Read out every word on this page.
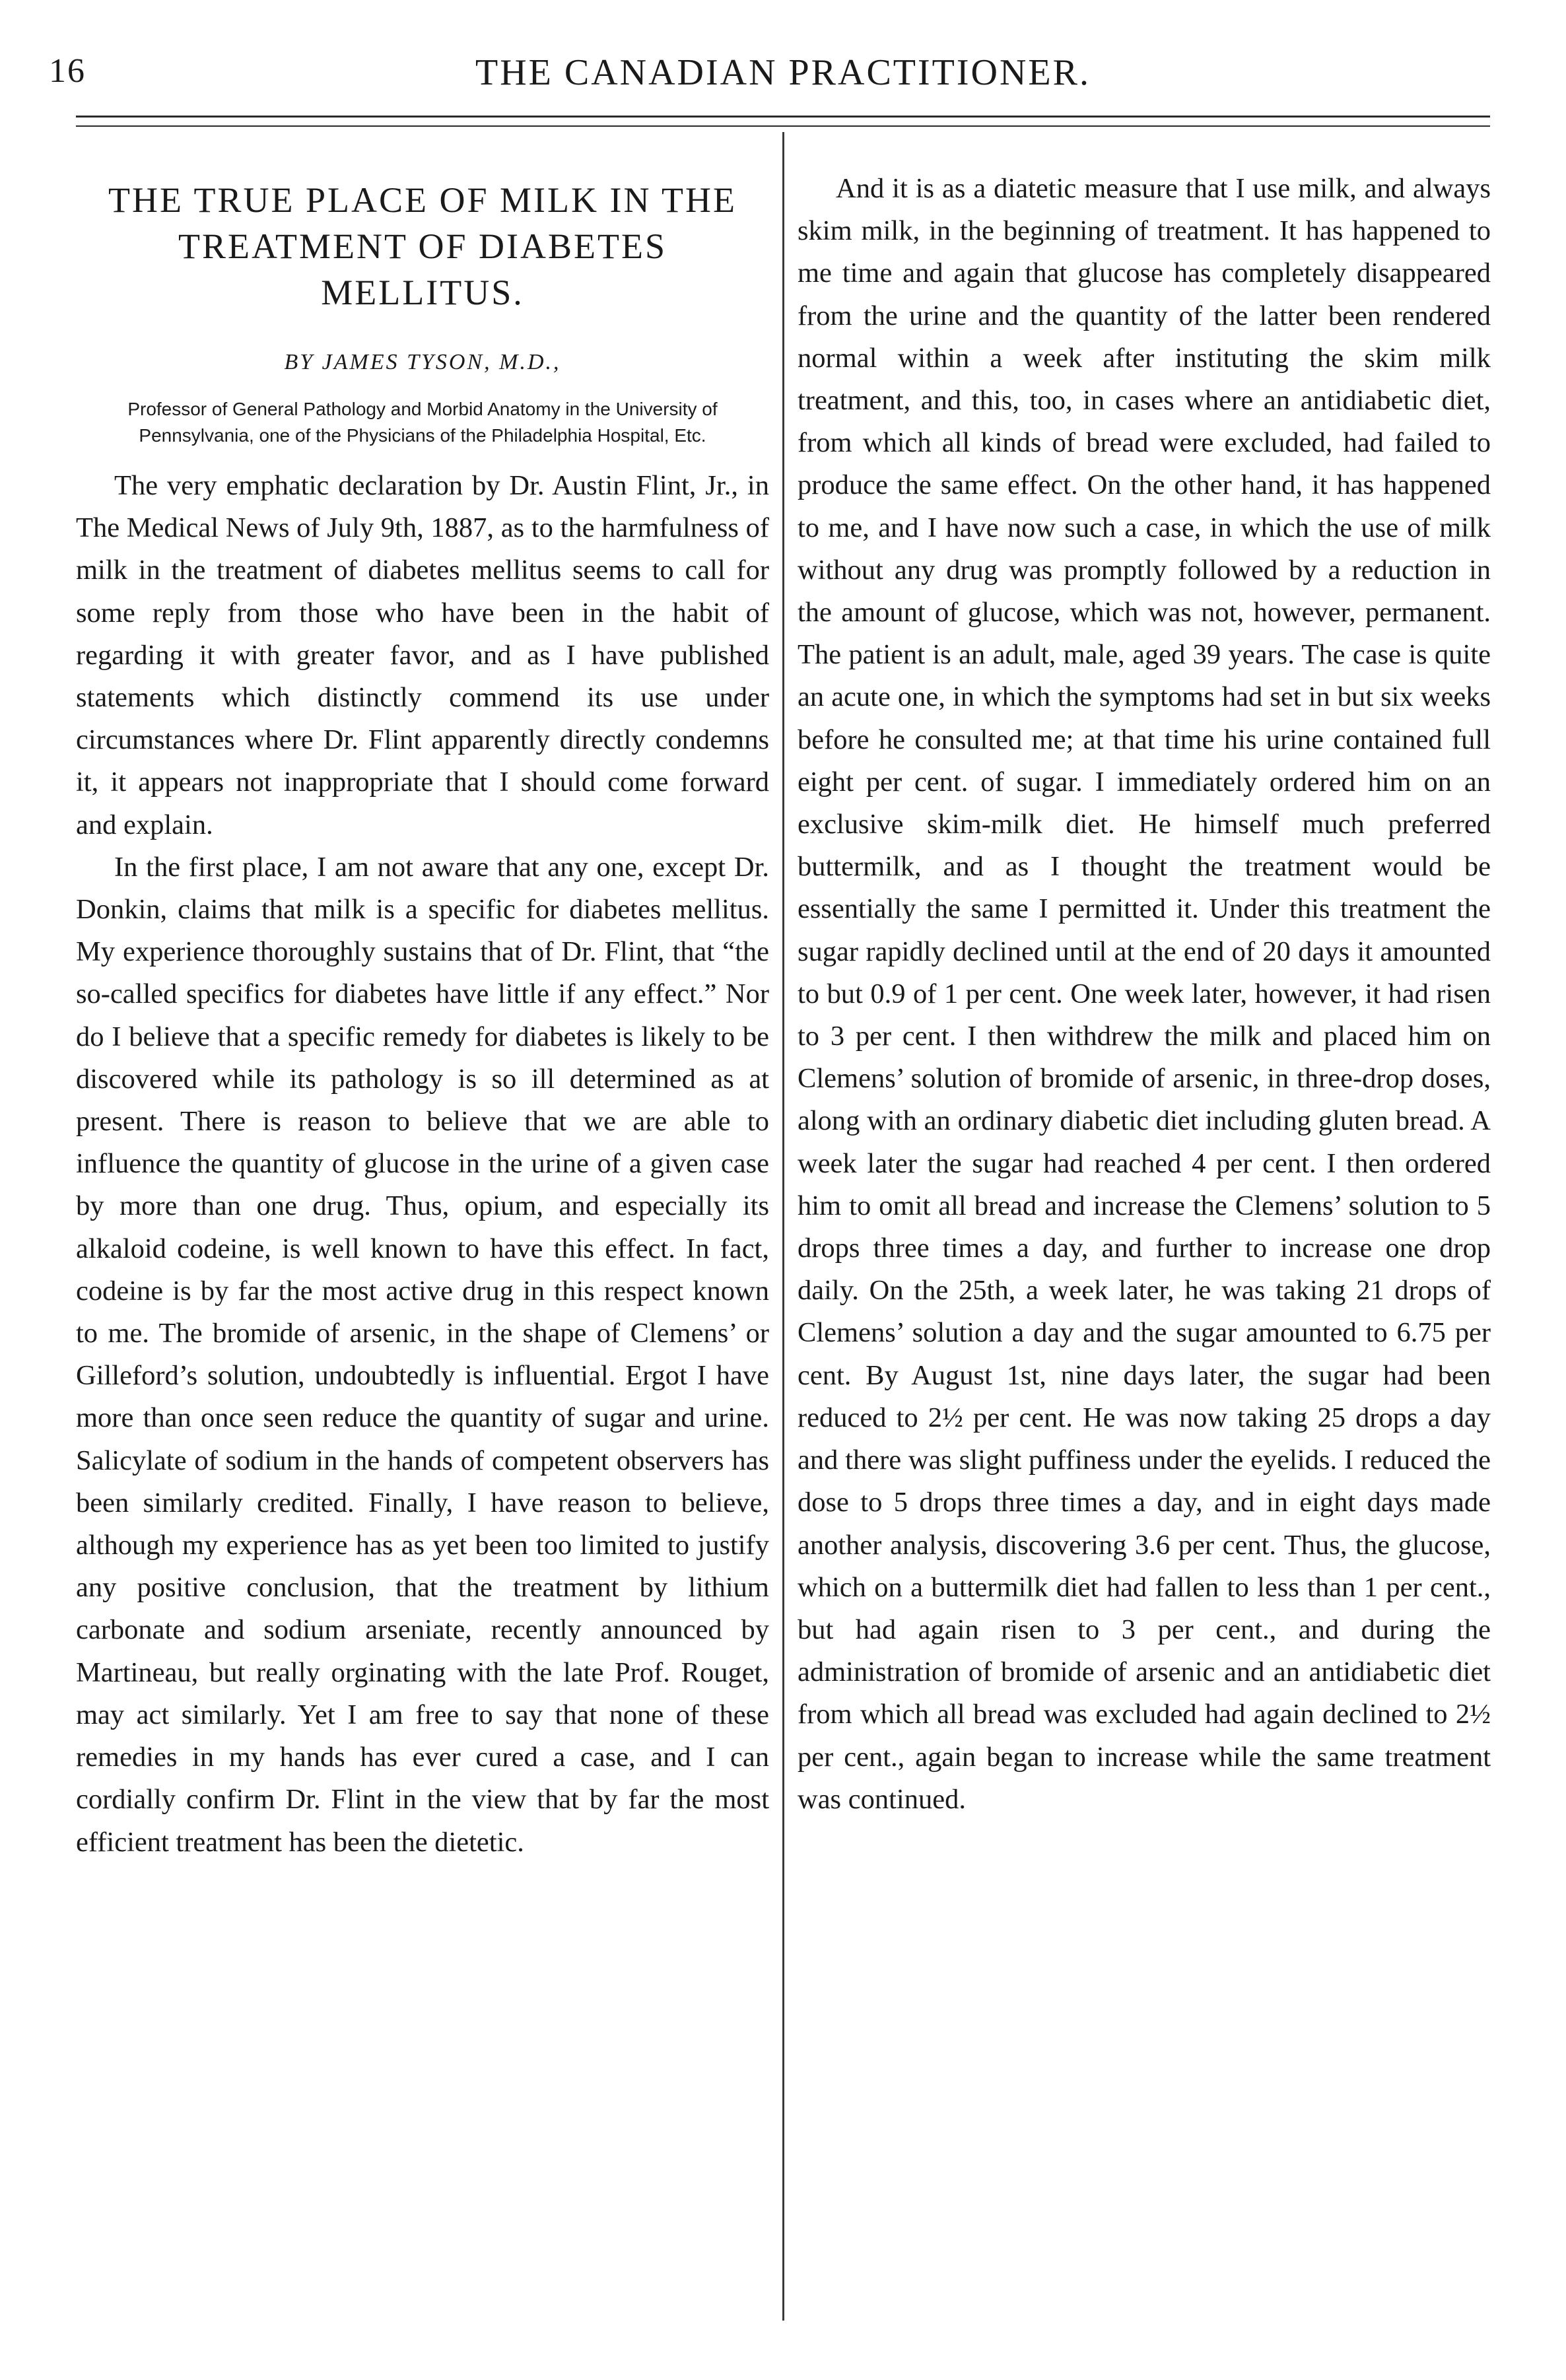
16	THE CANADIAN PRACTITIONER.
THE TRUE PLACE OF MILK IN THE TREATMENT OF DIABETES MELLITUS.
BY JAMES TYSON, M.D.,
Professor of General Pathology and Morbid Anatomy in the University of Pennsylvania, one of the Physicians of the Philadelphia Hospital, Etc.

The very emphatic declaration by Dr. Austin Flint, Jr., in The Medical News of July 9th, 1887, as to the harmfulness of milk in the treatment of diabetes mellitus seems to call for some reply from those who have been in the habit of regarding it with greater favor, and as I have published statements which distinctly commend its use under circumstances where Dr. Flint apparently directly condemns it, it appears not inappropriate that I should come forward and explain.

In the first place, I am not aware that any one, except Dr. Donkin, claims that milk is a specific for diabetes mellitus. My experience thoroughly sustains that of Dr. Flint, that “the so-called specifics for diabetes have little if any effect.” Nor do I believe that a specific remedy for diabetes is likely to be discovered while its pathology is so ill determined as at present. There is reason to believe that we are able to influence the quantity of glucose in the urine of a given case by more than one drug. Thus, opium, and especially its alkaloid codeine, is well known to have this effect. In fact, codeine is by far the most active drug in this respect known to me. The bromide of arsenic, in the shape of Clemens’ or Gilleford’s solution, undoubtedly is influential. Ergot I have more than once seen reduce the quantity of sugar and urine. Salicylate of sodium in the hands of competent observers has been similarly credited. Finally, I have reason to believe, although my experience has as yet been too limited to justify any positive conclusion, that the treatment by lithium carbonate and sodium arseniate, recently announced by Martineau, but really orginating with the late Prof. Rouget, may act similarly. Yet I am free to say that none of these remedies in my hands has ever cured a case, and I can cordially confirm Dr. Flint in the view that by far the most efficient treatment has been the dietetic.

And it is as a diatetic measure that I use milk, and always skim milk, in the beginning of treatment. It has happened to me time and again that glucose has completely disappeared from the urine and the quantity of the latter been rendered normal within a week after instituting the skim milk treatment, and this, too, in cases where an antidiabetic diet, from which all kinds of bread were excluded, had failed to produce the same effect. On the other hand, it has happened to me, and I have now such a case, in which the use of milk without any drug was promptly followed by a reduction in the amount of glucose, which was not, however, permanent. The patient is an adult, male, aged 39 years. The case is quite an acute one, in which the symptoms had set in but six weeks before he consulted me; at that time his urine contained full eight per cent. of sugar. I immediately ordered him on an exclusive skim-milk diet. He himself much preferred buttermilk, and as I thought the treatment would be essentially the same I permitted it. Under this treatment the sugar rapidly declined until at the end of 20 days it amounted to but 0.9 of 1 per cent. One week later, however, it had risen to 3 per cent. I then withdrew the milk and placed him on Clemens’ solution of bromide of arsenic, in three-drop doses, along with an ordinary diabetic diet including gluten bread. A week later the sugar had reached 4 per cent. I then ordered him to omit all bread and increase the Clemens’ solution to 5 drops three times a day, and further to increase one drop daily. On the 25th, a week later, he was taking 21 drops of Clemens’ solution a day and the sugar amounted to 6.75 per cent. By August 1st, nine days later, the sugar had been reduced to 2½ per cent. He was now taking 25 drops a day and there was slight puffiness under the eyelids. I reduced the dose to 5 drops three times a day, and in eight days made another analysis, discovering 3.6 per cent. Thus, the glucose, which on a buttermilk diet had fallen to less than 1 per cent., but had again risen to 3 per cent., and during the administration of bromide of arsenic and an antidiabetic diet from which all bread was excluded had again declined to 2½ per cent., again began to increase while the same treatment was continued.
